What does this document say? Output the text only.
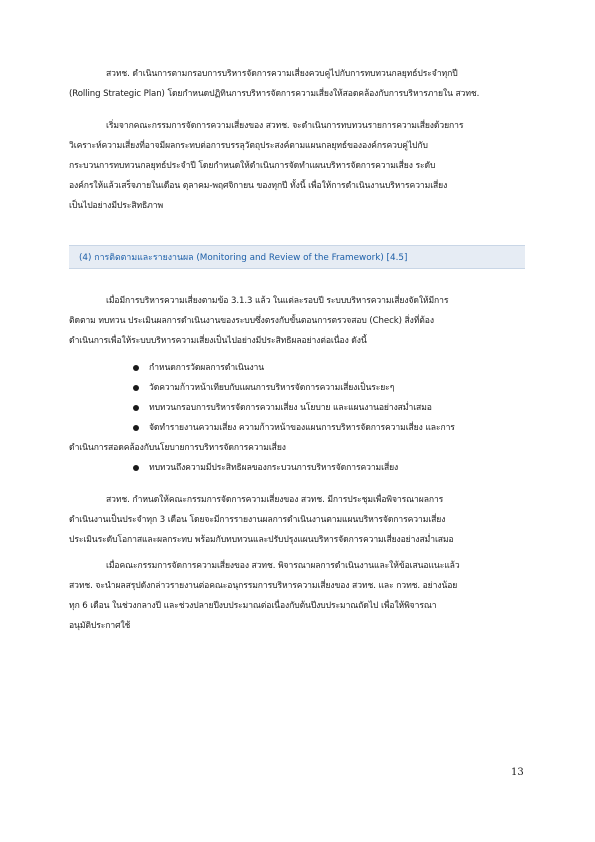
สวทช. ดำเนินการตามกรอบการบริหารจัดการความเสี่ยงควบคู่ไปกับการทบทวนกลยุทธ์ประจำทุกปี
(Rolling Strategic Plan) โดยกำหนดปฏิทินการบริหารจัดการความเสี่ยงให้สอดคล้องกับการบริหารภายใน สวทช.
เริ่มจากคณะกรรมการจัดการความเสี่ยงของ สวทช. จะดำเนินการทบทวนรายการความเสี่ยงด้วยการ
วิเคราะห์ความเสี่ยงที่อาจมีผลกระทบต่อการบรรลุวัตถุประสงค์ตามแผนกลยุทธ์ขององค์กรควบคู่ไปกับ
กระบวนการทบทวนกลยุทธ์ประจำปี โดยกำหนดให้ดำเนินการจัดทำแผนบริหารจัดการความเสี่ยง ระดับ
องค์กรให้แล้วเสร็จภายในเดือน ตุลาคม-พฤศจิกายน ของทุกปี ทั้งนี้ เพื่อให้การดำเนินงานบริหารความเสี่ยง
เป็นไปอย่างมีประสิทธิภาพ
(4) การติดตามและรายงานผล (Monitoring and Review of the Framework) [4.5]
เมื่อมีการบริหารความเสี่ยงตามข้อ 3.1.3 แล้ว ในแต่ละรอบปี ระบบบริหารความเสี่ยงจัดให้มีการ
ติดตาม ทบทวน ประเมินผลการดำเนินงานของระบบซึ่งตรงกับขั้นตอนการตรวจสอบ (Check) สิ่งที่ต้อง
ดำเนินการเพื่อให้ระบบบริหารความเสี่ยงเป็นไปอย่างมีประสิทธิผลอย่างต่อเนื่อง ดังนี้
กำหนดการวัดผลการดำเนินงาน
วัดความก้าวหน้าเทียบกับแผนการบริหารจัดการความเสี่ยงเป็นระยะๆ
ทบทวนกรอบการบริหารจัดการความเสี่ยง นโยบาย และแผนงานอย่างสม่ำเสมอ
จัดทำรายงานความเสี่ยง ความก้าวหน้าของแผนการบริหารจัดการความเสี่ยง และการ
ดำเนินการสอดคล้องกับนโยบายการบริหารจัดการความเสี่ยง
ทบทวนถึงความมีประสิทธิผลของกระบวนการบริหารจัดการความเสี่ยง
สวทช. กำหนดให้คณะกรรมการจัดการความเสี่ยงของ สวทช. มีการประชุมเพื่อพิจารณาผลการ
ดำเนินงานเป็นประจำทุก 3 เดือน โดยจะมีการรายงานผลการดำเนินงานตามแผนบริหารจัดการความเสี่ยง
ประเมินระดับโอกาสและผลกระทบ พร้อมกับทบทวนและปรับปรุงแผนบริหารจัดการความเสี่ยงอย่างสม่ำเสมอ
เมื่อคณะกรรมการจัดการความเสี่ยงของ สวทช. พิจารณาผลการดำเนินงานและให้ข้อเสนอแนะแล้ว
สวทช. จะนำผลสรุปดังกล่าวรายงานต่อคณะอนุกรรมการบริหารความเสี่ยงของ สวทช. และ กวทช. อย่างน้อย
ทุก 6 เดือน ในช่วงกลางปี และช่วงปลายปีงบประมาณต่อเนื่องกับต้นปีงบประมาณถัดไป เพื่อให้พิจารณา
อนุมัติประกาศใช้
13
